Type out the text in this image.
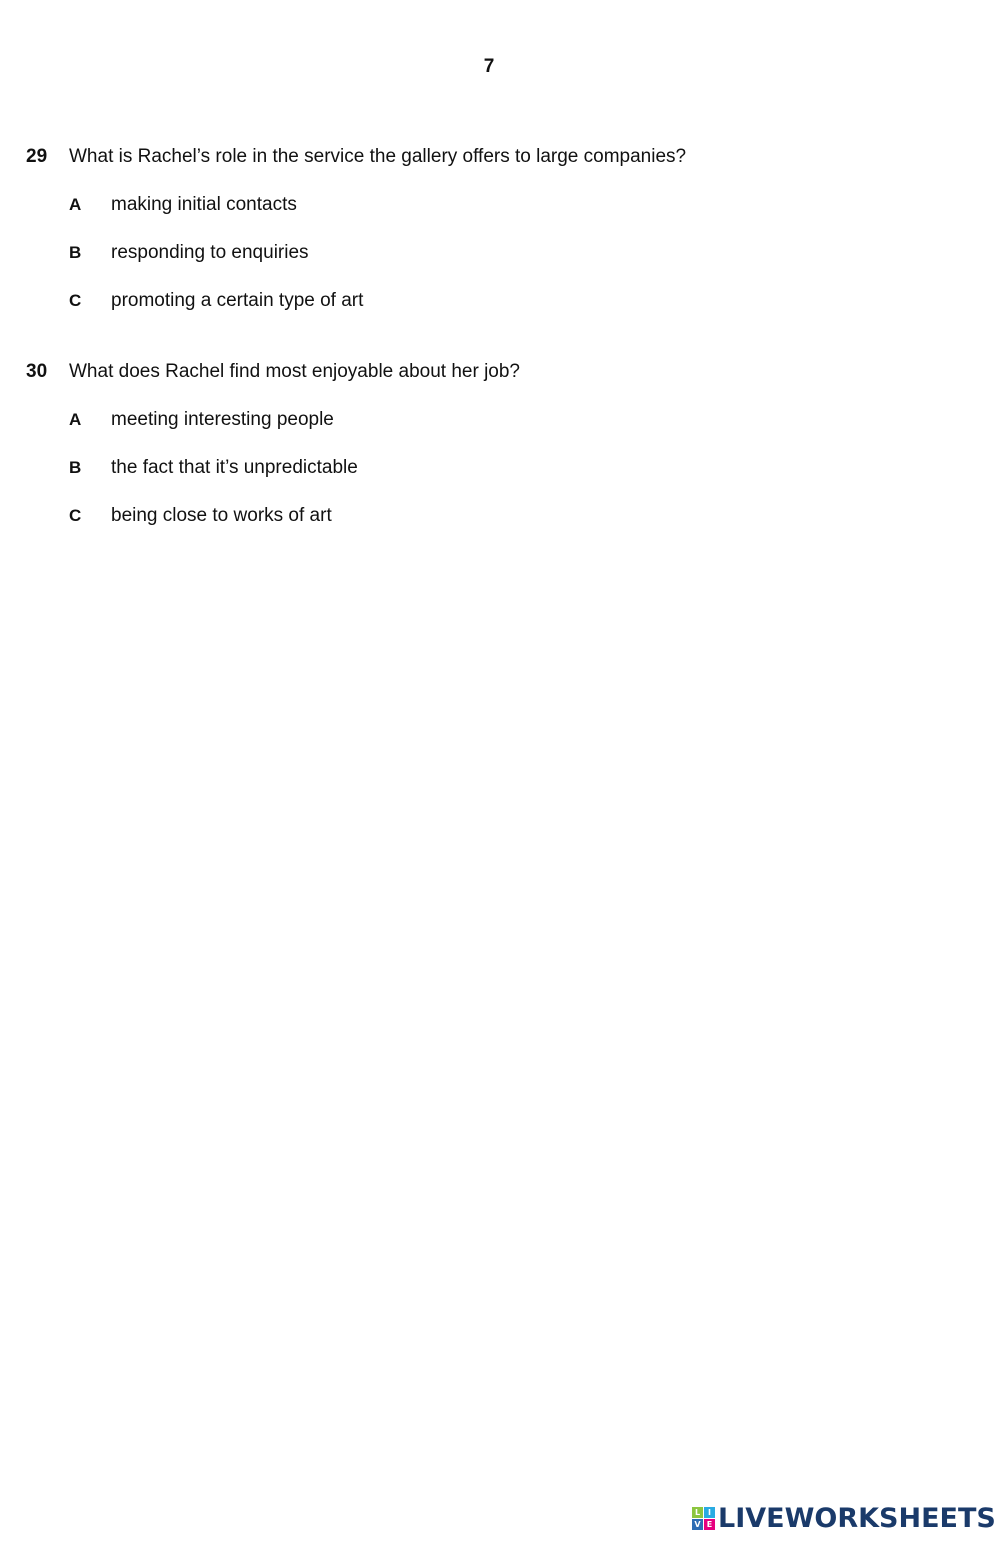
7
29	What is Rachel’s role in the service the gallery offers to large companies?
A	making initial contacts
B	responding to enquiries
C	promoting a certain type of art
30	What does Rachel find most enjoyable about her job?
A	meeting interesting people
B	the fact that it’s unpredictable
C	being close to works of art
L I
V E LIVEWORKSHEETS
